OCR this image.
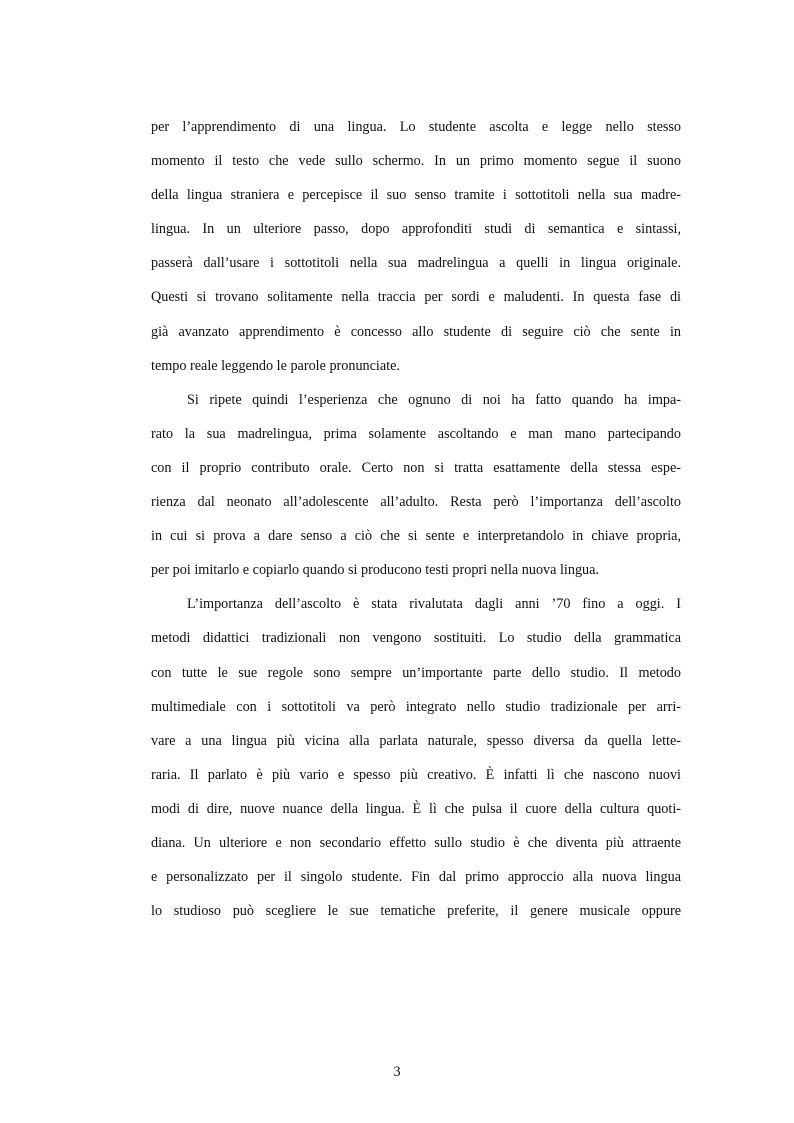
per l’apprendimento di una lingua. Lo studente ascolta e legge nello stesso
momento il testo che vede sullo schermo. In un primo momento segue il suono
della lingua straniera e percepisce il suo senso tramite i sottotitoli nella sua madre-
lingua. In un ulteriore passo, dopo approfonditi studi di semantica e sintassi,
passerà dall’usare i sottotitoli nella sua madrelingua a quelli in lingua originale.
Questi si trovano solitamente nella traccia per sordi e maludenti. In questa fase di
già avanzato apprendimento è concesso allo studente di seguire ciò che sente in
tempo reale leggendo le parole pronunciate.
Si ripete quindi l’esperienza che ognuno di noi ha fatto quando ha impa-
rato la sua madrelingua, prima solamente ascoltando e man mano partecipando
con il proprio contributo orale. Certo non si tratta esattamente della stessa espe-
rienza dal neonato all’adolescente all’adulto. Resta però l’importanza dell’ascolto
in cui si prova a dare senso a ciò che si sente e interpretandolo in chiave propria,
per poi imitarlo e copiarlo quando si producono testi propri nella nuova lingua.
L’importanza dell’ascolto è stata rivalutata dagli anni ’70 fino a oggi. I
metodi didattici tradizionali non vengono sostituiti. Lo studio della grammatica
con tutte le sue regole sono sempre un’importante parte dello studio. Il metodo
multimediale con i sottotitoli va però integrato nello studio tradizionale per arri-
vare a una lingua più vicina alla parlata naturale, spesso diversa da quella lette-
raria. Il parlato è più vario e spesso più creativo. È infatti lì che nascono nuovi
modi di dire, nuove nuance della lingua. È lì che pulsa il cuore della cultura quoti-
diana. Un ulteriore e non secondario effetto sullo studio è che diventa più attraente
e personalizzato per il singolo studente. Fin dal primo approccio alla nuova lingua
lo studioso può scegliere le sue tematiche preferite, il genere musicale oppure
3
